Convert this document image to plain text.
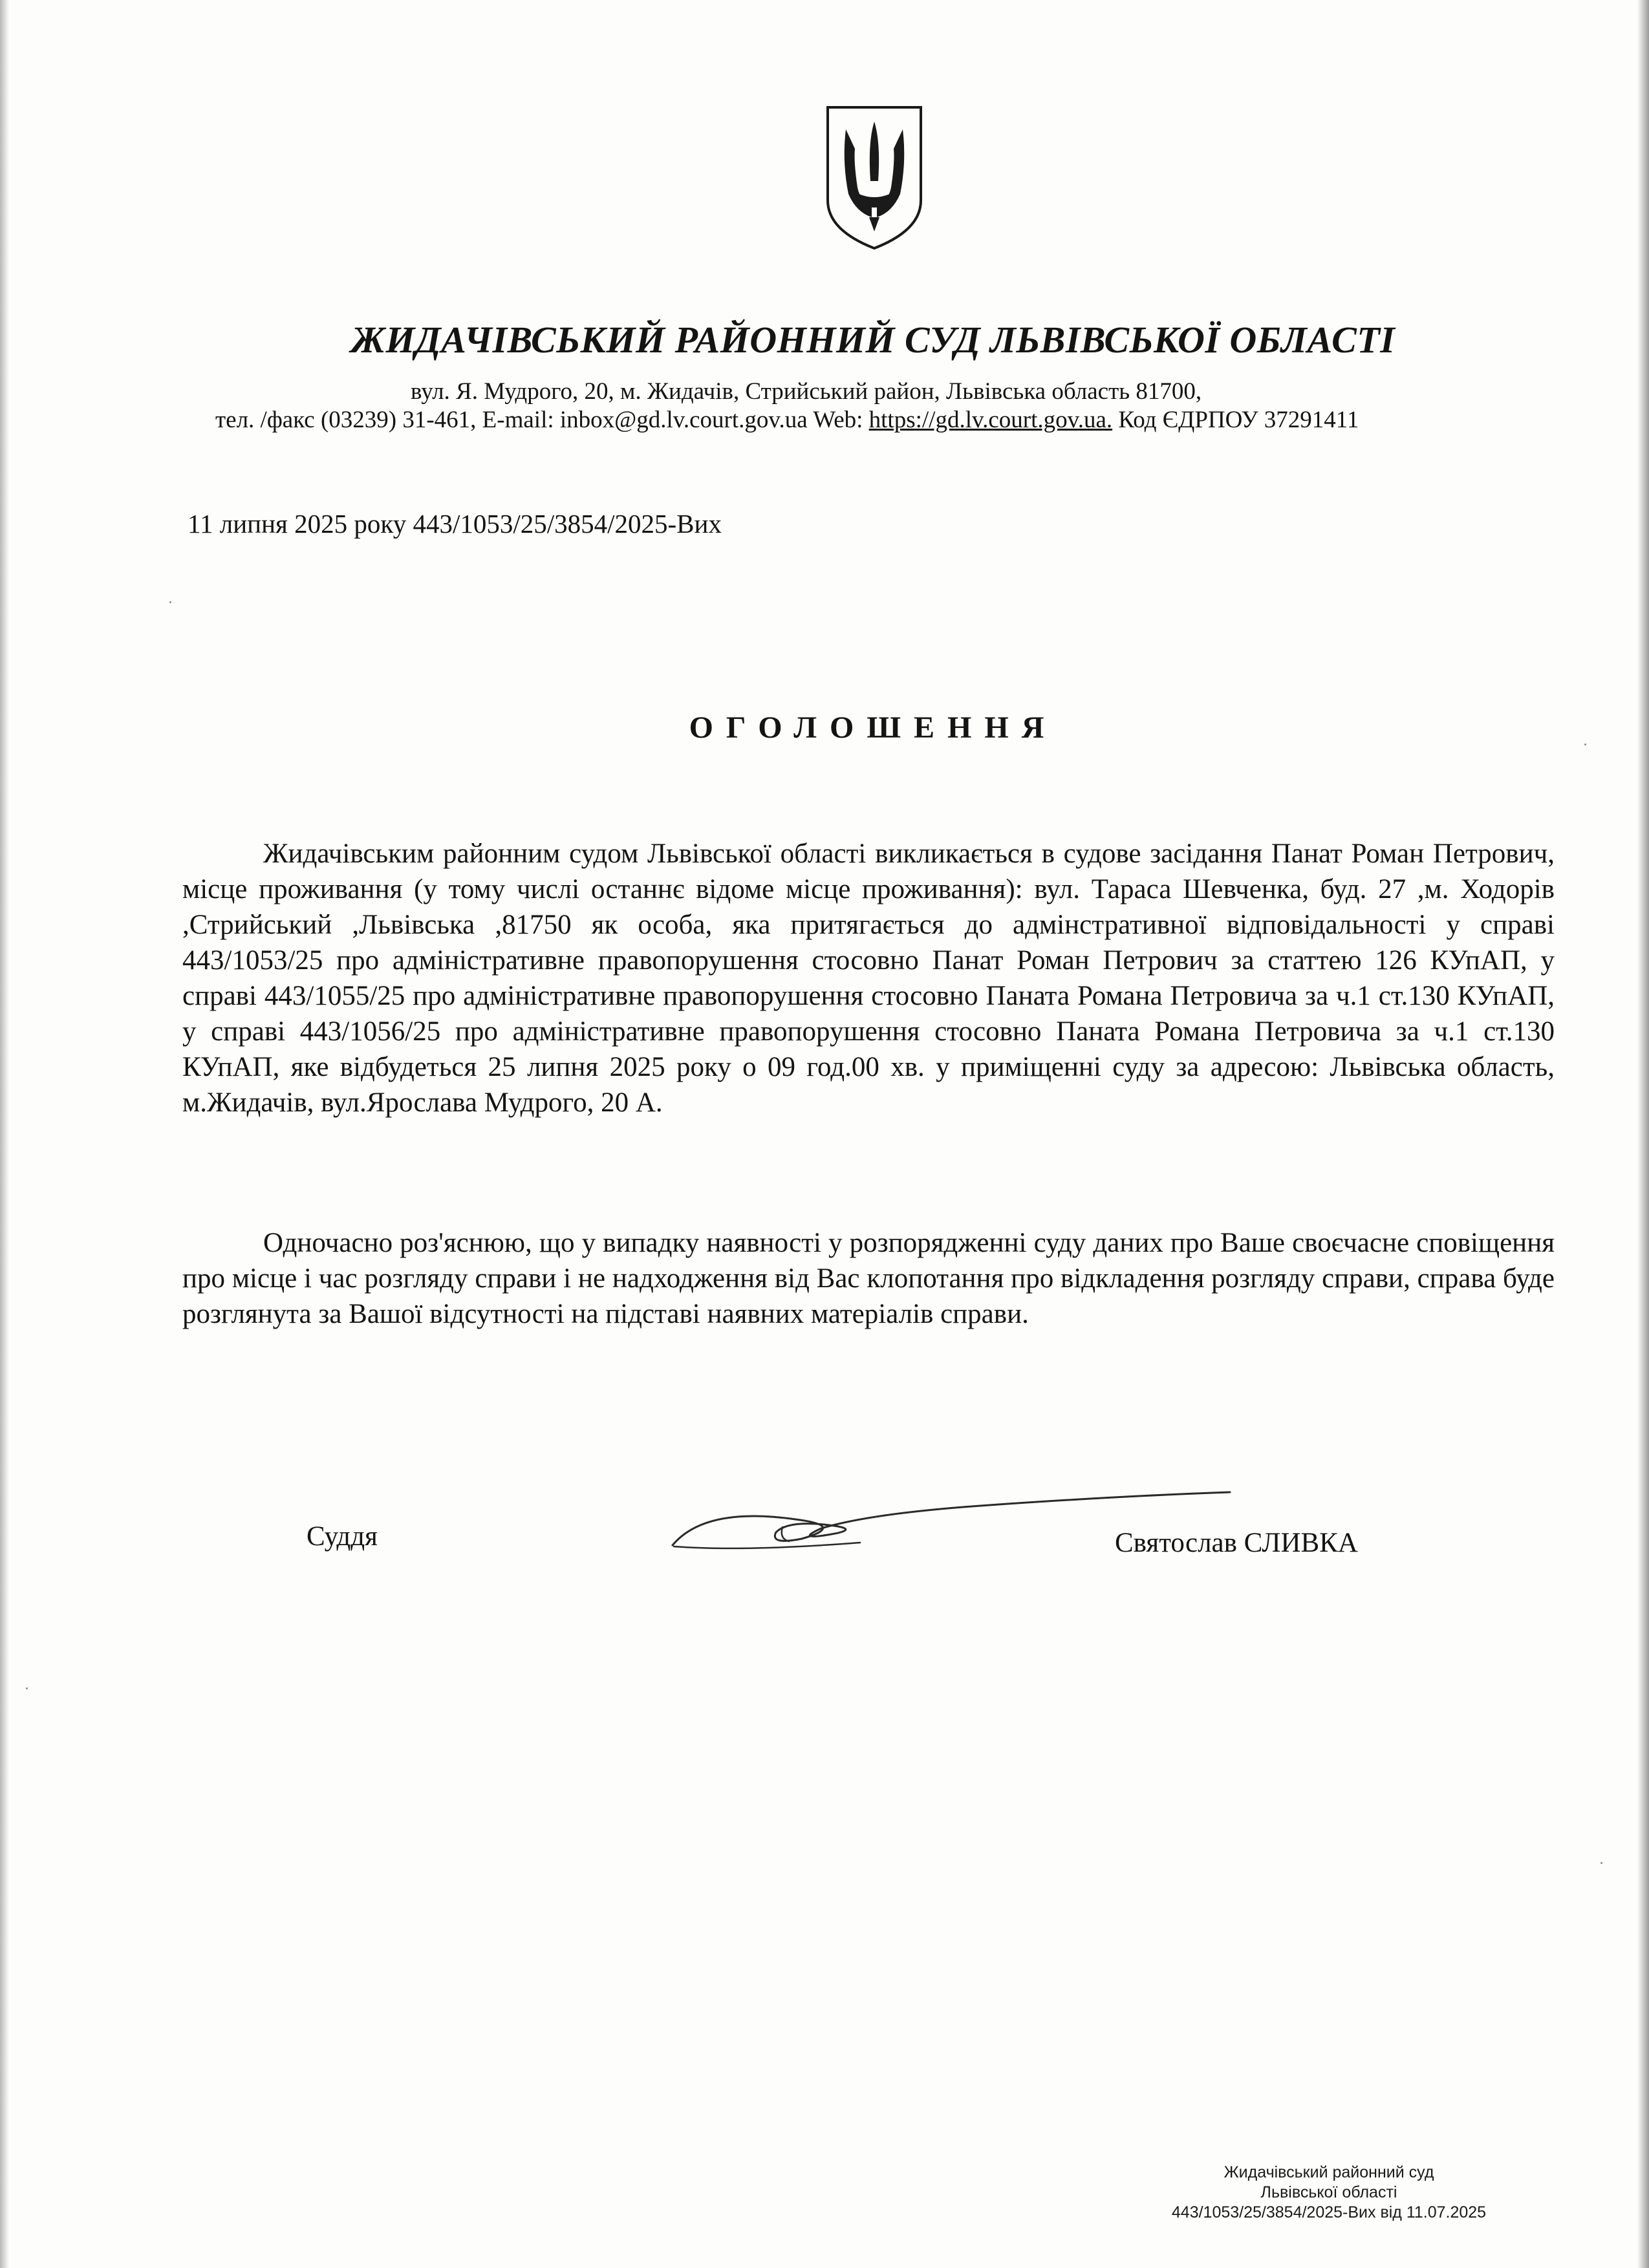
ЖИДАЧІВСЬКИЙ РАЙОННИЙ СУД ЛЬВІВСЬКОЇ ОБЛАСТІ
вул. Я. Мудрого, 20, м. Жидачів, Стрийський район, Львівська область 81700,
тел. /факс (03239) 31-461, E-mail: inbox@gd.lv.court.gov.ua Web: https://gd.lv.court.gov.ua. Код ЄДРПОУ 37291411
11 липня 2025 року 443/1053/25/3854/2025-Вих
ОГОЛОШЕННЯ
Жидачівським районним судом Львівської області викликається в судове засідання Панат Роман Петрович, місце проживання (у тому числі останнє відоме місце проживання): вул. Тараса Шевченка, буд. 27 ,м. Ходорів ,Стрийський ,Львівська ,81750 як особа, яка притягається до адмінстративної відповідальності у справі 443/1053/25 про адміністративне правопорушення стосовно Панат Роман Петрович за статтею 126 КУпАП, у справі 443/1055/25 про адміністративне правопорушення стосовно Паната Романа Петровича за ч.1 ст.130 КУпАП, у справі 443/1056/25 про адміністративне правопорушення стосовно Паната Романа Петровича за ч.1 ст.130 КУпАП, яке відбудеться 25 липня 2025 року о 09 год.00 хв. у приміщенні суду за адресою: Львівська область, м.Жидачів, вул.Ярослава Мудрого, 20 А.
Одночасно роз'яснюю, що у випадку наявності у розпорядженні суду даних про Ваше своєчасне сповіщення про місце і час розгляду справи і не надходження від Вас клопотання про відкладення розгляду справи, справа буде розглянута за Вашої відсутності на підставі наявних матеріалів справи.
Суддя	Святослав СЛИВКА
Жидачівський районний суд
Львівської області
443/1053/25/3854/2025-Вих від 11.07.2025
